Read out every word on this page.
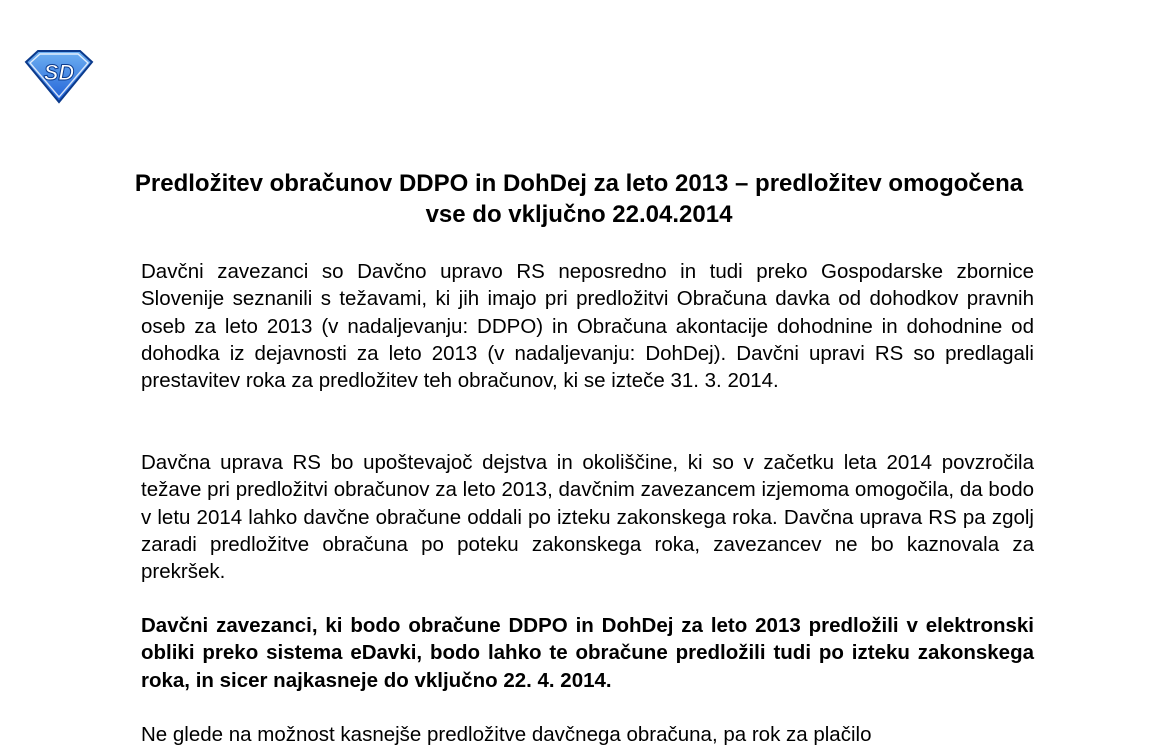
SD
Predložitev obračunov DDPO in DohDej za leto 2013 – predložitev omogočena vse do vključno 22.04.2014

Davčni zavezanci so Davčno upravo RS neposredno in tudi preko Gospodarske zbornice Slovenije seznanili s težavami, ki jih imajo pri predložitvi Obračuna davka od dohodkov pravnih oseb za leto 2013 (v nadaljevanju: DDPO) in Obračuna akontacije dohodnine in dohodnine od dohodka iz dejavnosti za leto 2013 (v nadaljevanju: DohDej). Davčni upravi RS so predlagali prestavitev roka za predložitev teh obračunov, ki se izteče 31. 3. 2014.

Davčna uprava RS bo upoštevajoč dejstva in okoliščine, ki so v začetku leta 2014 povzročila težave pri predložitvi obračunov za leto 2013, davčnim zavezancem izjemoma omogočila, da bodo v letu 2014 lahko davčne obračune oddali po izteku zakonskega roka. Davčna uprava RS pa zgolj zaradi predložitve obračuna po poteku zakonskega roka, zavezancev ne bo kaznovala za prekršek.

Davčni zavezanci, ki bodo obračune DDPO in DohDej za leto 2013 predložili v elektronski obliki preko sistema eDavki, bodo lahko te obračune predložili tudi po izteku zakonskega roka, in sicer najkasneje do vključno 22. 4. 2014.

Ne glede na možnost kasnejše predložitve davčnega obračuna, pa rok za plačilo
